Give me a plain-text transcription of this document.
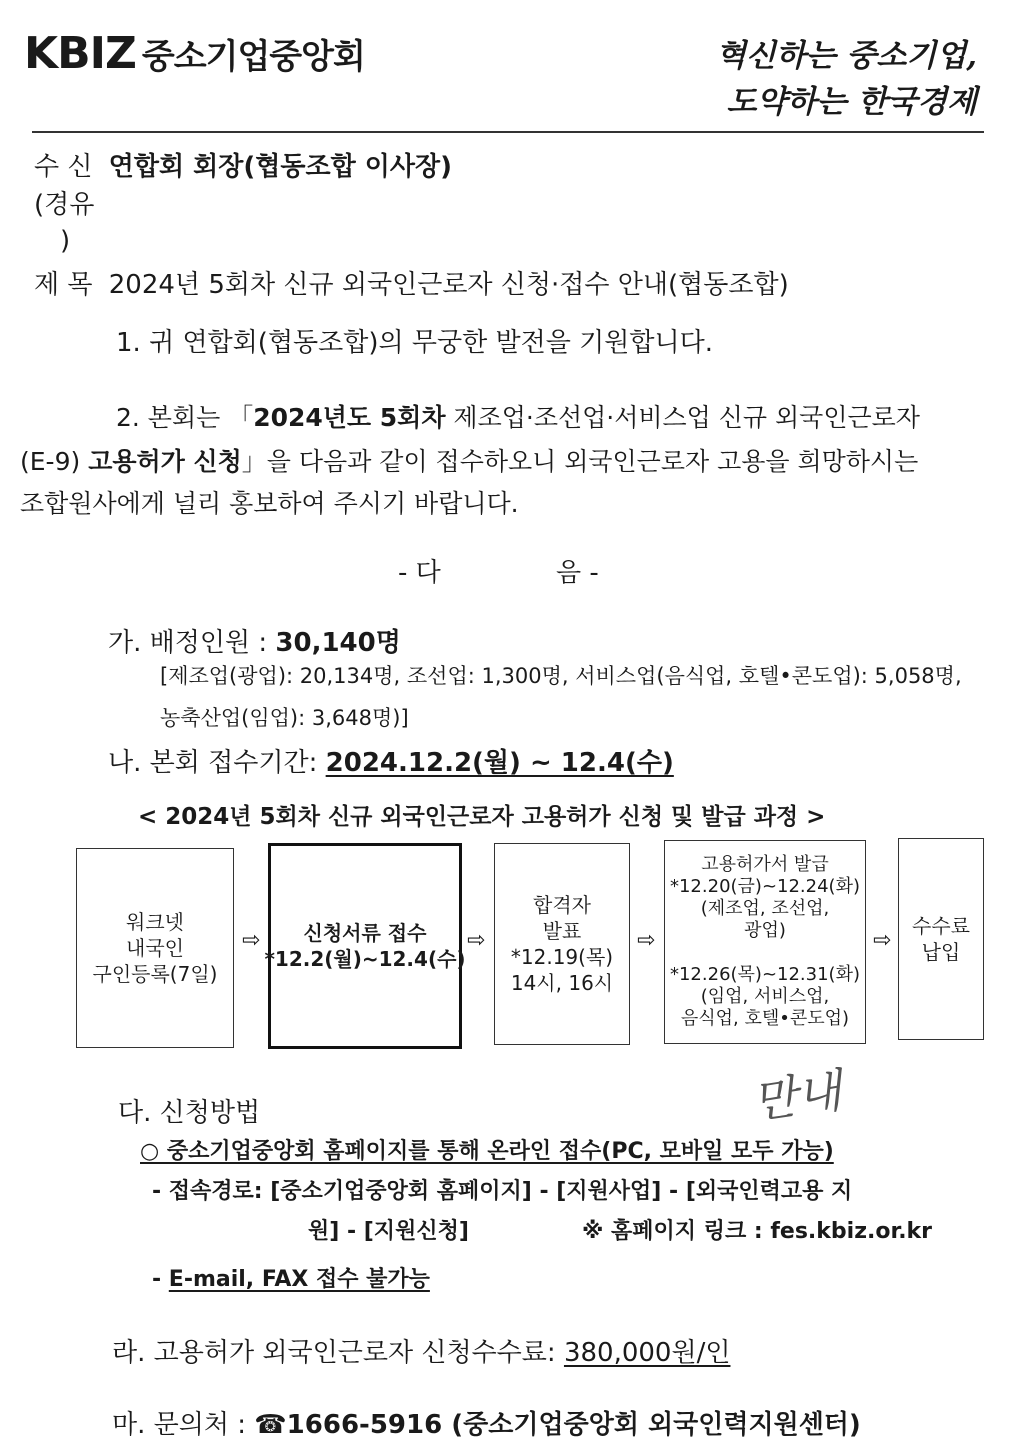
KBIZ 중소기업중앙회	혁신하는 중소기업,
도약하는 한국경제
수 신 연합회 회장(협동조합 이사장)
(경유
)
제 목 2024년 5회차 신규 외국인근로자 신청·접수 안내(협동조합)
1. 귀 연합회(협동조합)의 무궁한 발전을 기원합니다.
2. 본회는 「2024년도 5회차 제조업·조선업·서비스업 신규 외국인근로자
(E-9) 고용허가 신청」을 다음과 같이 접수하오니 외국인근로자 고용을 희망하시는
조합원사에게 널리 홍보하여 주시기 바랍니다.
- 다	음 -
가. 배정인원 : 30,140명
[제조업(광업): 20,134명, 조선업: 1,300명, 서비스업(음식업, 호텔•콘도업): 5,058명,
농축산업(임업): 3,648명)]
나. 본회 접수기간: 2024.12.2(월) ~ 12.4(수)
< 2024년 5회차 신규 외국인근로자 고용허가 신청 및 발급 과정 >
워크넷
내국인
구인등록(7일)
⇨	신청서류 접수
*12.2(월)~12.4(수)
⇨
합격자
발표
*12.19(목)
14시, 16시
⇨
고용허가서 발급
*12.20(금)~12.24(화)
(제조업, 조선업,
광업)

*12.26(목)~12.31(화)
(임업, 서비스업,
음식업, 호텔•콘도업)
⇨
수수료
납입
만내
다. 신청방법
○ 중소기업중앙회 홈페이지를 통해 온라인 접수(PC, 모바일 모두 가능)
- 접속경로: [중소기업중앙회 홈페이지] - [지원사업] - [외국인력고용 지
원] - [지원신청]	※ 홈페이지 링크 : fes.kbiz.or.kr
- E-mail, FAX 접수 불가능
라. 고용허가 외국인근로자 신청수수료: 380,000원/인
마. 문의처 : ☎1666-5916 (중소기업중앙회 외국인력지원센터)
